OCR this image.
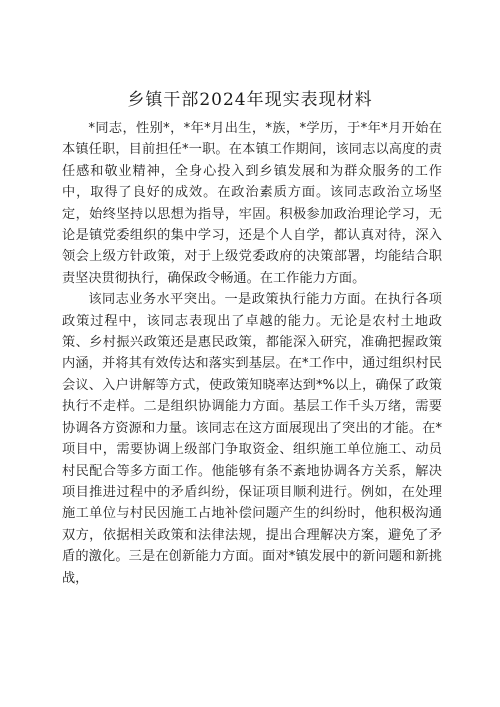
乡镇干部2024年现实表现材料

*同志，性别*，*年*月出生，*族，*学历，于*年*月开始在本镇任职，目前担任*一职。在本镇工作期间，该同志以高度的责任感和敬业精神，全身心投入到乡镇发展和为群众服务的工作中，取得了良好的成效。在政治素质方面。该同志政治立场坚定，始终坚持以思想为指导，牢固。积极参加政治理论学习，无论是镇党委组织的集中学习，还是个人自学，都认真对待，深入领会上级方针政策，对于上级党委政府的决策部署，均能结合职责坚决贯彻执行，确保政令畅通。在工作能力方面。

该同志业务水平突出。一是政策执行能力方面。在执行各项政策过程中，该同志表现出了卓越的能力。无论是农村土地政策、乡村振兴政策还是惠民政策，都能深入研究，准确把握政策内涵，并将其有效传达和落实到基层。在*工作中，通过组织村民会议、入户讲解等方式，使政策知晓率达到*%以上，确保了政策执行不走样。二是组织协调能力方面。基层工作千头万绪，需要协调各方资源和力量。该同志在这方面展现出了突出的才能。在*项目中，需要协调上级部门争取资金、组织施工单位施工、动员村民配合等多方面工作。他能够有条不紊地协调各方关系，解决项目推进过程中的矛盾纠纷，保证项目顺利进行。例如，在处理施工单位与村民因施工占地补偿问题产生的纠纷时，他积极沟通双方，依据相关政策和法律法规，提出合理解决方案，避免了矛盾的激化。三是在创新能力方面。面对*镇发展中的新问题和新挑战，
